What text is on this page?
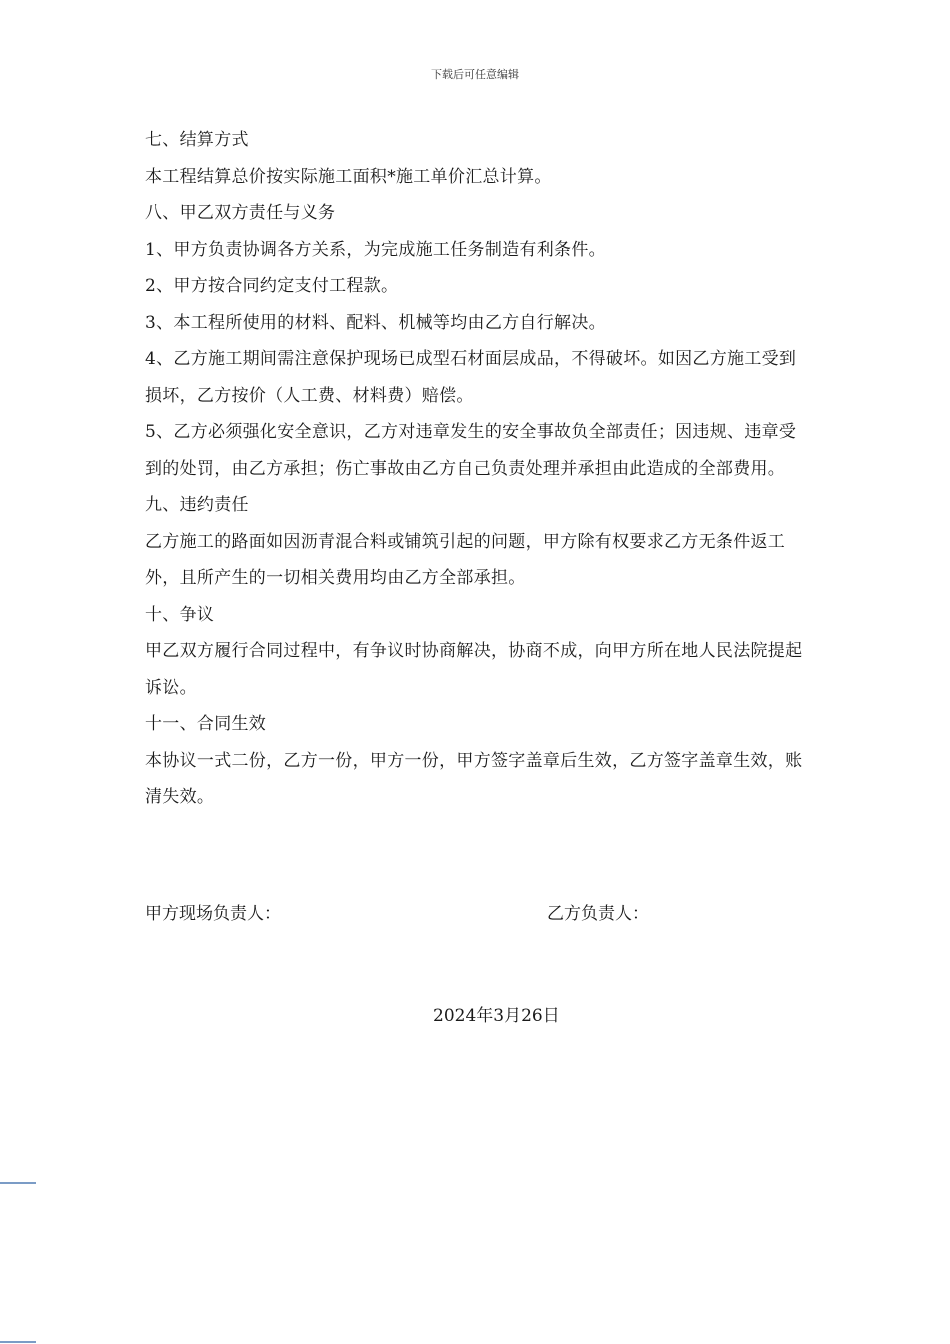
下载后可任意编辑

七、结算方式

本工程结算总价按实际施工面积*施工单价汇总计算。

八、甲乙双方责任与义务

1、甲方负责协调各方关系，为完成施工任务制造有利条件。

2、甲方按合同约定支付工程款。

3、本工程所使用的材料、配料、机械等均由乙方自行解决。

4、乙方施工期间需注意保护现场已成型石材面层成品，不得破坏。如因乙方施工受到损坏，乙方按价（人工费、材料费）赔偿。

5、乙方必须强化安全意识，乙方对违章发生的安全事故负全部责任；因违规、违章受到的处罚，由乙方承担；伤亡事故由乙方自己负责处理并承担由此造成的全部费用。

九、违约责任

乙方施工的路面如因沥青混合料或铺筑引起的问题，甲方除有权要求乙方无条件返工外，且所产生的一切相关费用均由乙方全部承担。

十、争议

甲乙双方履行合同过程中，有争议时协商解决，协商不成，向甲方所在地人民法院提起诉讼。

十一、合同生效

本协议一式二份，乙方一份，甲方一份，甲方签字盖章后生效，乙方签字盖章生效，账清失效。

甲方现场负责人：	乙方负责人：
2024年3月26日
